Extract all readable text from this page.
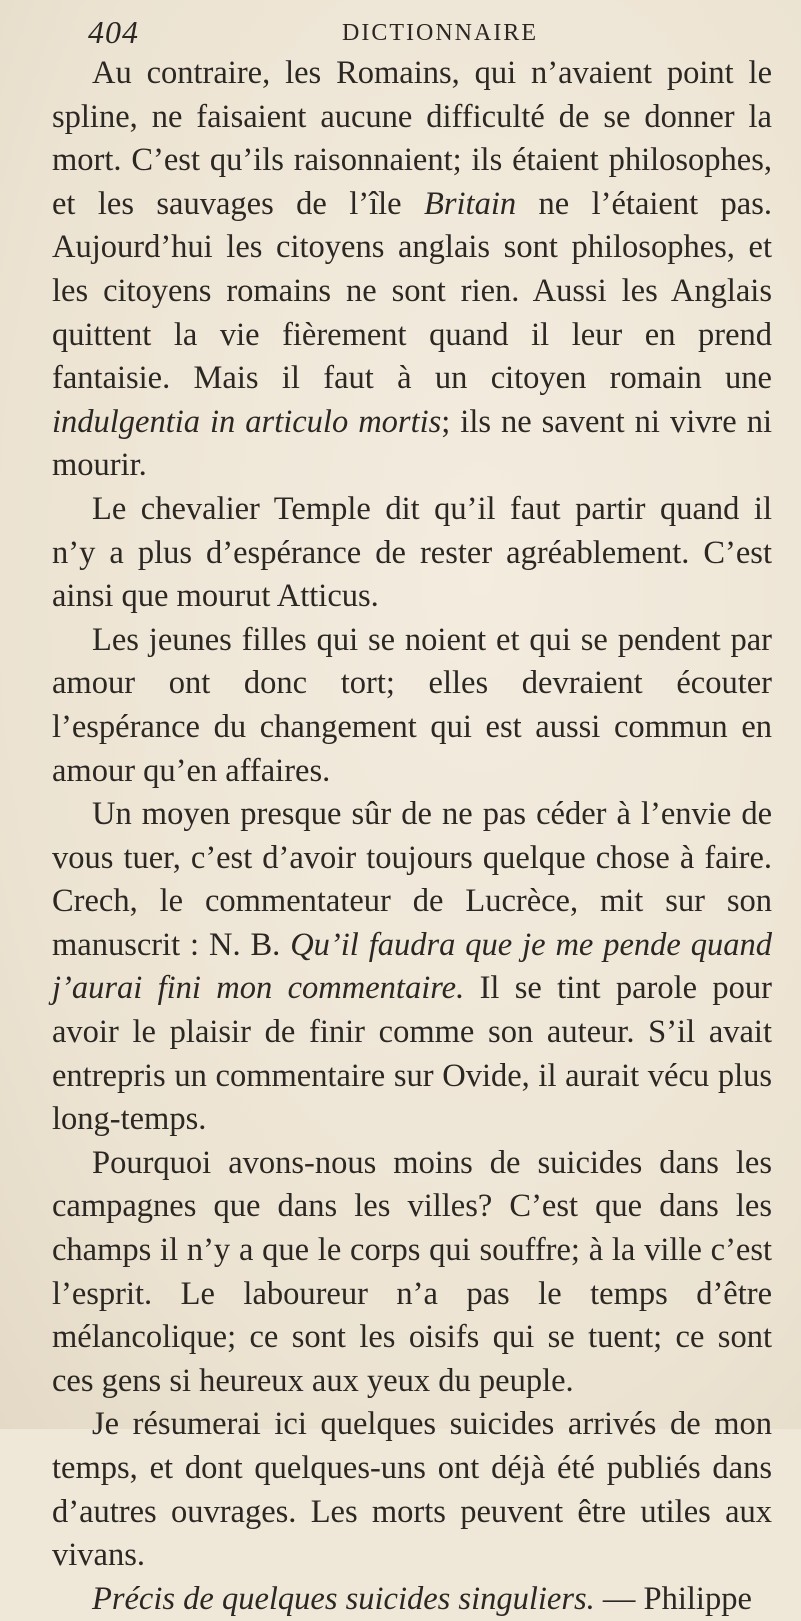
404	DICTIONNAIRE

Au contraire, les Romains, qui n’avaient point le spline, ne faisaient aucune difficulté de se donner la mort. C’est qu’ils raisonnaient; ils étaient philosophes, et les sauvages de l’île Britain ne l’étaient pas. Aujourd’hui les citoyens anglais sont philosophes, et les citoyens romains ne sont rien. Aussi les Anglais quittent la vie fièrement quand il leur en prend fantaisie. Mais il faut à un citoyen romain une indulgentia in articulo mortis; ils ne savent ni vivre ni mourir.

Le chevalier Temple dit qu’il faut partir quand il n’y a plus d’espérance de rester agréablement. C’est ainsi que mourut Atticus.

Les jeunes filles qui se noient et qui se pendent par amour ont donc tort; elles devraient écouter l’espérance du changement qui est aussi commun en amour qu’en affaires.

Un moyen presque sûr de ne pas céder à l’envie de vous tuer, c’est d’avoir toujours quelque chose à faire. Crech, le commentateur de Lucrèce, mit sur son manuscrit : N. B. Qu’il faudra que je me pende quand j’aurai fini mon commentaire. Il se tint parole pour avoir le plaisir de finir comme son auteur. S’il avait entrepris un commentaire sur Ovide, il aurait vécu plus long-temps.

Pourquoi avons-nous moins de suicides dans les campagnes que dans les villes? C’est que dans les champs il n’y a que le corps qui souffre; à la ville c’est l’esprit. Le laboureur n’a pas le temps d’être mélancolique; ce sont les oisifs qui se tuent; ce sont ces gens si heureux aux yeux du peuple.

Je résumerai ici quelques suicides arrivés de mon temps, et dont quelques-uns ont déjà été publiés dans d’autres ouvrages. Les morts peuvent être utiles aux vivans.

Précis de quelques suicides singuliers. — Philippe
